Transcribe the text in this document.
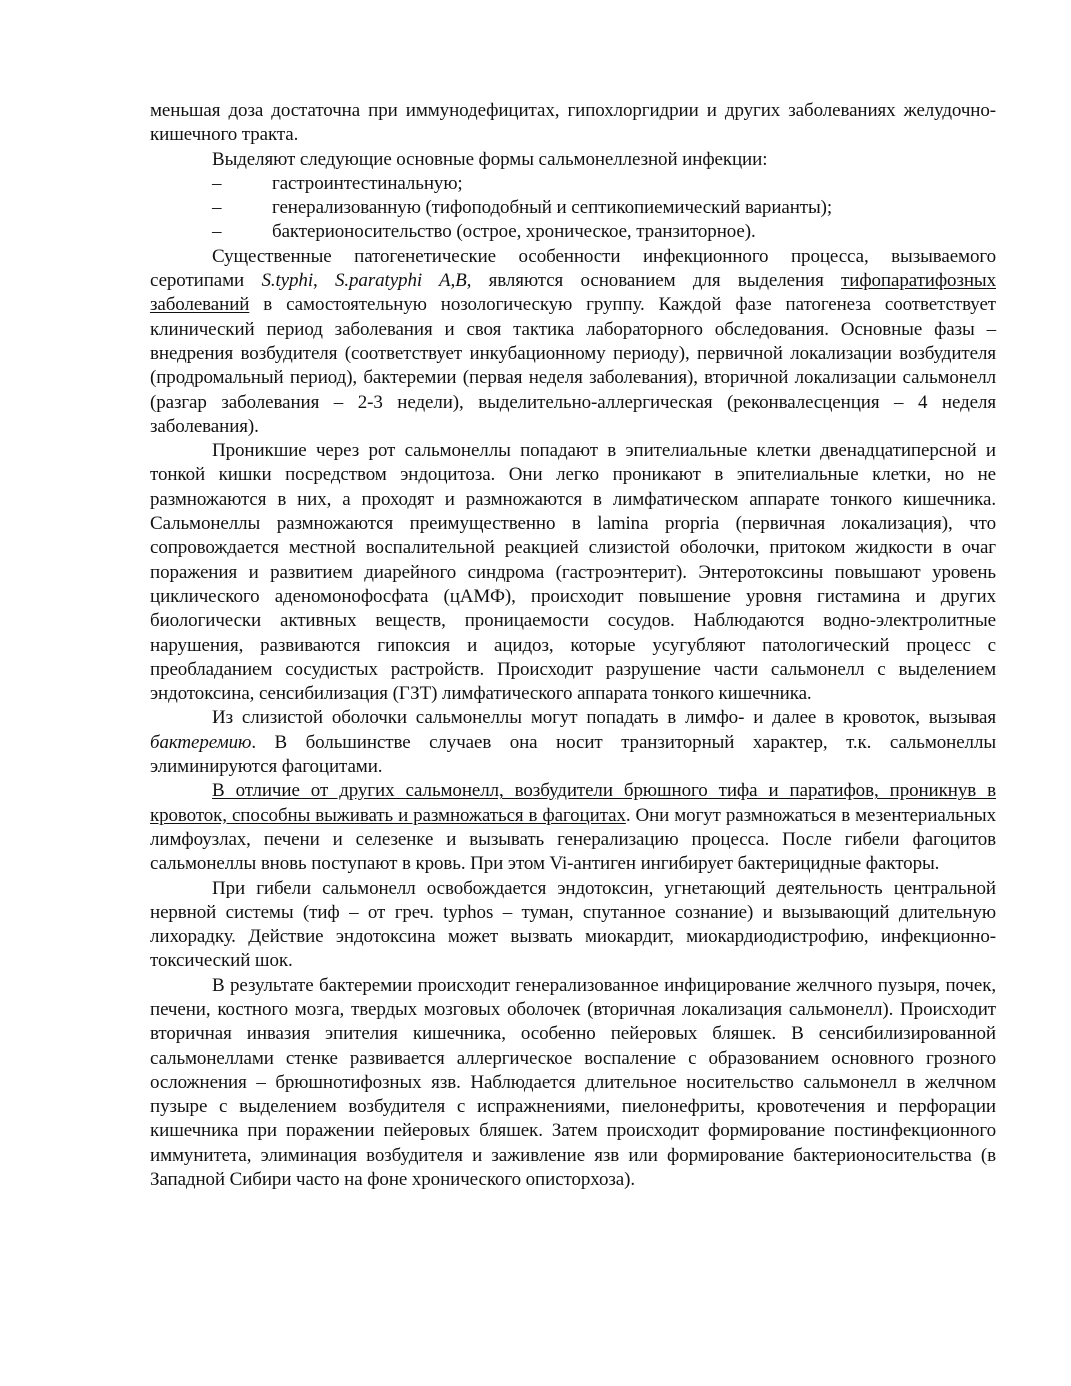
меньшая доза достаточна при иммунодефицитах, гипохлоргидрии и других заболеваниях желудочно-кишечного тракта.

Выделяют следующие основные формы сальмонеллезной инфекции:

–	гастроинтестинальную;
–	генерализованную (тифоподобный и септикопиемический варианты);
–	бактерионосительство (острое, хроническое, транзиторное).

Существенные патогенетические особенности инфекционного процесса, вызываемого серотипами S.typhi, S.paratyphi A,B, являются основанием для выделения тифопаратифозных заболеваний в самостоятельную нозологическую группу. Каждой фазе патогенеза соответствует клинический период заболевания и своя тактика лабораторного обследования. Основные фазы – внедрения возбудителя (соответствует инкубационному периоду), первичной локализации возбудителя (продромальный период), бактеремии (первая неделя заболевания), вторичной локализации сальмонелл (разгар заболевания – 2-3 недели), выделительно-аллергическая (реконвалесценция – 4 неделя заболевания).

Проникшие через рот сальмонеллы попадают в эпителиальные клетки двенадцатиперсной и тонкой кишки посредством эндоцитоза. Они легко проникают в эпителиальные клетки, но не размножаются в них, а проходят и размножаются в лимфатическом аппарате тонкого кишечника. Сальмонеллы размножаются преимущественно в lamina propria (первичная локализация), что сопровождается местной воспалительной реакцией слизистой оболочки, притоком жидкости в очаг поражения и развитием диарейного синдрома (гастроэнтерит). Энтеротоксины повышают уровень циклического аденомонофосфата (цАМФ), происходит повышение уровня гистамина и других биологически активных веществ, проницаемости сосудов. Наблюдаются водно-электролитные нарушения, развиваются гипоксия и ацидоз, которые усугубляют патологический процесс с преобладанием сосудистых растройств. Происходит разрушение части сальмонелл с выделением эндотоксина, сенсибилизация (ГЗТ) лимфатического аппарата тонкого кишечника.

Из слизистой оболочки сальмонеллы могут попадать в лимфо- и далее в кровоток, вызывая бактеремию. В большинстве случаев она носит транзиторный характер, т.к. сальмонеллы элиминируются фагоцитами.

В отличие от других сальмонелл, возбудители брюшного тифа и паратифов, проникнув в кровоток, способны выживать и размножаться в фагоцитах. Они могут размножаться в мезентериальных лимфоузлах, печени и селезенке и вызывать генерализацию процесса. После гибели фагоцитов сальмонеллы вновь поступают в кровь. При этом Vi-антиген ингибирует бактерицидные факторы.

При гибели сальмонелл освобождается эндотоксин, угнетающий деятельность центральной нервной системы (тиф – от греч. typhos – туман, спутанное сознание) и вызывающий длительную лихорадку. Действие эндотоксина может вызвать миокардит, миокардиодистрофию, инфекционно-токсический шок.

В результате бактеремии происходит генерализованное инфицирование желчного пузыря, почек, печени, костного мозга, твердых мозговых оболочек (вторичная локализация сальмонелл). Происходит вторичная инвазия эпителия кишечника, особенно пейеровых бляшек. В сенсибилизированной сальмонеллами стенке развивается аллергическое воспаление с образованием основного грозного осложнения – брюшнотифозных язв. Наблюдается длительное носительство сальмонелл в желчном пузыре с выделением возбудителя с испражнениями, пиелонефриты, кровотечения и перфорации кишечника при поражении пейеровых бляшек. Затем происходит формирование постинфекционного иммунитета, элиминация возбудителя и заживление язв или формирование бактерионосительства (в Западной Сибири часто на фоне хронического описторхоза).
